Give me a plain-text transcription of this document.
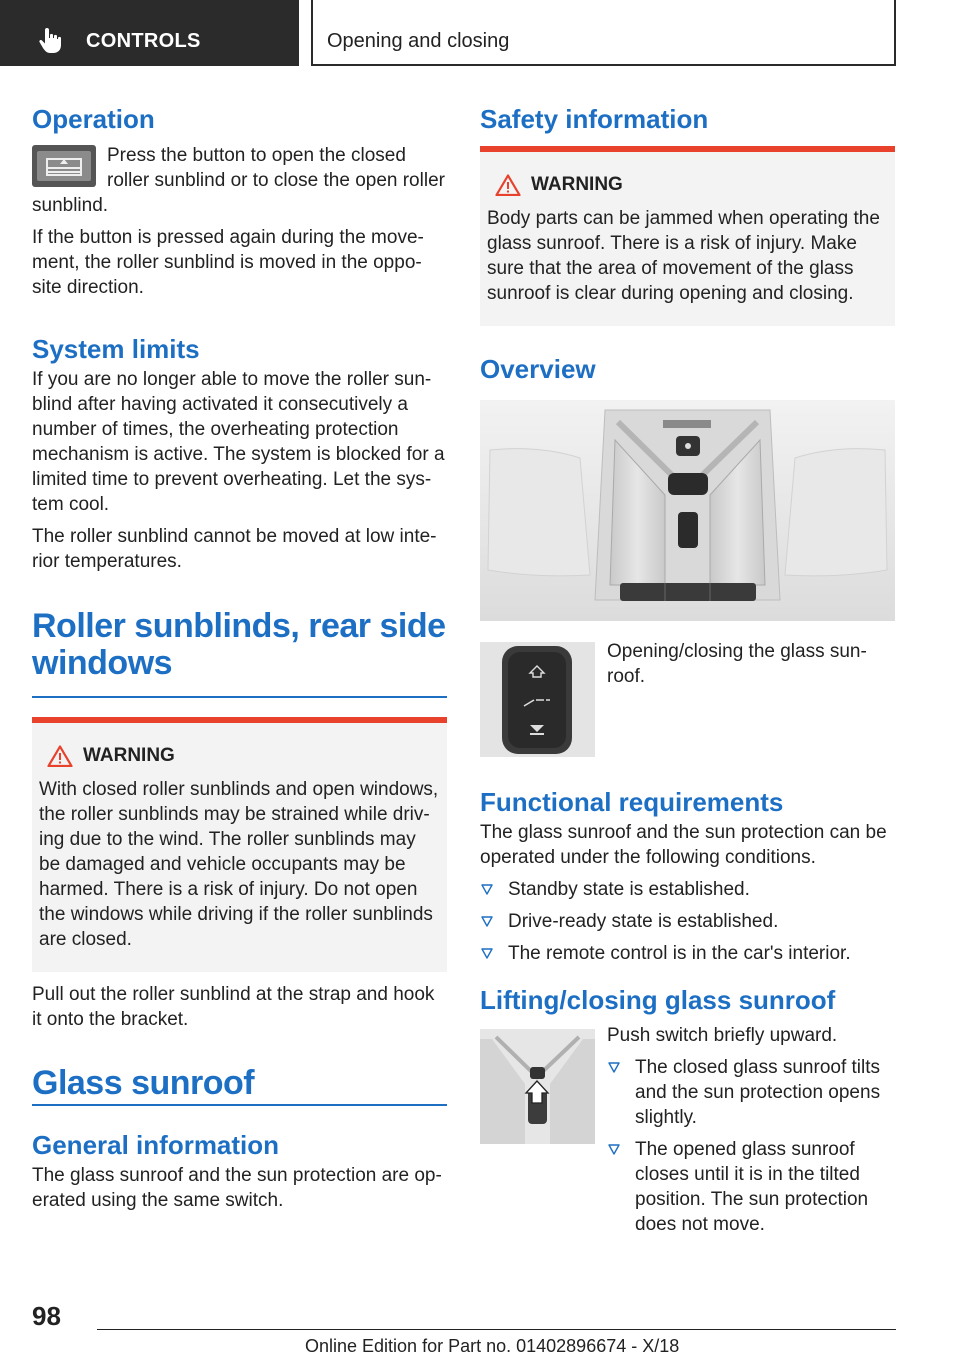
CONTROLS	Opening and closing
Operation

Press the button to open the closed roller sunblind or to close the open roller sunblind.

If the button is pressed again during the move-ment, the roller sunblind is moved in the oppo-site direction.

System limits

If you are no longer able to move the roller sun-blind after having activated it consecutively a number of times, the overheating protection mechanism is active. The system is blocked for a limited time to prevent overheating. Let the sys-tem cool.

The roller sunblind cannot be moved at low inte-rior temperatures.

Roller sunblinds, rear side windows
WARNING

With closed roller sunblinds and open windows, the roller sunblinds may be strained while driv-ing due to the wind. The roller sunblinds may be damaged and vehicle occupants may be harmed. There is a risk of injury. Do not open the windows while driving if the roller sunblinds are closed.

Pull out the roller sunblind at the strap and hook it onto the bracket.

Glass sunroof
General information

The glass sunroof and the sun protection are op-erated using the same switch.

Safety information
WARNING

Body parts can be jammed when operating the glass sunroof. There is a risk of injury. Make sure that the area of movement of the glass sunroof is clear during opening and closing.

Overview

Opening/closing the glass sun-roof.

Functional requirements

The glass sunroof and the sun protection can be operated under the following conditions.

Standby state is established.
Drive-ready state is established.
The remote control is in the car's interior.
Lifting/closing glass sunroof

Push switch briefly upward.

The closed glass sunroof tilts and the sun protection opens slightly.
The opened glass sunroof closes until it is in the tilted position. The sun protection does not move.
98
Online Edition for Part no. 01402896674 - X/18
